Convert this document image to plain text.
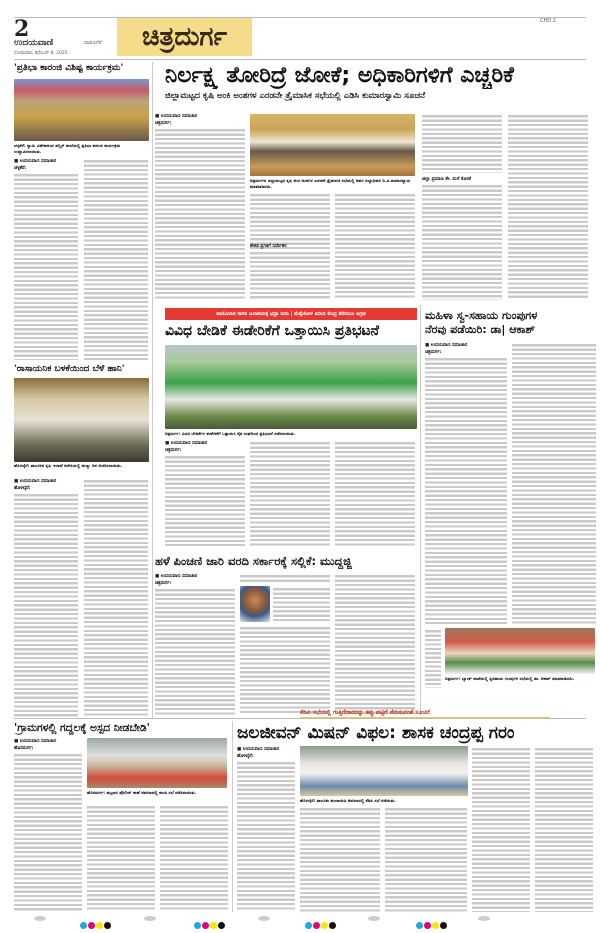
2
ಉದಯವಾಣಿ	ದಾವಣಗೆರೆ
ಸೋಮವಾರ, ಡಿಸೆಂಬರ್ 8, 2025
ಚಿತ್ರದುರ್ಗ
CHD 2
'ಪ್ರತಿಭಾ ಕಾರಂಜಿ ವಿಶಿಷ್ಟ ಕಾರ್ಯಕ್ರಮ'
ಚಳ್ಳಕೆರೆ: ಸ್ವಾಮಿ ವಿವೇಕಾನಂದ ಪಬ್ಲಿಕ್ ಶಾಲೆಯಲ್ಲಿ ಪ್ರತಿಭಾ ಕಾರಂಜಿ ಕಾರ್ಯಕ್ರಮ ಉದ್ಘಾಟಿಸಲಾಯಿತು.
■ ಉದಯವಾಣಿ ಸಮಾಚಾರ
ಚಳ್ಳಕೆರೆ:
'ರಾಸಾಯನಿಕ ಬಳಕೆಯಿಂದ ಬೆಳೆ ಹಾನಿ'
ಹೊಳಲ್ಕೆರೆ: ತಾಲೂಕಿನ ಕೃಷಿ ಇಲಾಖೆ ಕಚೇರಿಯಲ್ಲಿ ಮಣ್ಣು ದಿನ ಆಚರಿಸಲಾಯಿತು.
■ ಉದಯವಾಣಿ ಸಮಾಚಾರ
ಹೊಳಲ್ಕೆರೆ:
ನಿರ್ಲಕ್ಷ್ಯ ತೋರಿದ್ರೆ ಜೋಕೆ; ಅಧಿಕಾರಿಗಳಿಗೆ ಎಚ್ಚರಿಕೆ
ಜಿಲ್ಲಾಮಟ್ಟದ ಕೃಷಿ ಅಂಕಿ ಅಂಶಗಳ ಎರಡನೇ ತ್ರೈಮಾಸಿಕ ಸಭೆಯಲ್ಲಿ ಎಡಿಸಿ ಕುಮಾರಸ್ವಾಮಿ ಸೂಚನೆ
■ ಉದಯವಾಣಿ ಸಮಾಚಾರ
ಚಿತ್ರದುರ್ಗ:
ಚಿತ್ರದುರ್ಗದ ಜಿಲ್ಲಾಮಟ್ಟದ ಕೃಷಿ ಅಂಕಿ ಅಂಶಗಳ ಎರಡನೇ ತ್ರೈಮಾಸಿಕ ಸಭೆಯಲ್ಲಿ ಅಪರ ಜಿಲ್ಲಾಧಿಕಾರಿ ಬಿ.ಟಿ.ಕುಮಾರಸ್ವಾಮಿ ಮಾತನಾಡಿದರು.
ಶೇಕಡ ಪ್ರಗತಿಗೆ ನಿರ್ದೇಶನ
ಜಿಲ್ಲಾ ಪ್ರಮಾಣ ಶೇ. ಮಳೆ ಕೊರತೆ
ವಾಣಿವಿಲಾಸ ಸಾಗರ ಜಲಾಶಯಕ್ಕೆ ಭದ್ರಾ ನೀರು | ಮೆಕ್ಕೆಜೋಳ ಖರೀದಿ ಕೇಂದ್ರ ತೆರೆಯಲು ಆಗ್ರಹ
ವಿವಿಧ ಬೇಡಿಕೆ ಈಡೇರಿಕೆಗೆ ಒತ್ತಾಯಿಸಿ ಪ್ರತಿಭಟನೆ
ಚಿತ್ರದುರ್ಗ: ವಿವಿಧ ಬೇಡಿಕೆಗಳ ಈಡೇರಿಕೆಗೆ ಒತ್ತಾಯಿಸಿ ರೈತ ಸಂಘದಿಂದ ಪ್ರತಿಭಟನೆ ನಡೆಸಲಾಯಿತು.
■ ಉದಯವಾಣಿ ಸಮಾಚಾರ
ಚಿತ್ರದುರ್ಗ:
ಮಹಿಳಾ ಸ್ವ-ಸಹಾಯ ಗುಂಪುಗಳ
ನೆರವು ಪಡೆಯಿರಿ: ಡಾ| ಆಕಾಶ್
■ ಉದಯವಾಣಿ ಸಮಾಚಾರ
ಚಿತ್ರದುರ್ಗ:
ಚಿತ್ರದುರ್ಗ: ಬ್ಯಾಂಕ್ ಶಾಖೆಯಲ್ಲಿ ಸ್ವಸಹಾಯ ಗುಂಪುಗಳ ಸಭೆಯಲ್ಲಿ ಡಾ. ಆಕಾಶ್ ಮಾತನಾಡಿದರು.
ಹಳೆ ಪಿಂಚಣಿ ಜಾರಿ ವರದಿ ಸರ್ಕಾರಕ್ಕೆ ಸಲ್ಲಿಕೆ: ಮುದ್ದಜ್ಜಿ
■ ಉದಯವಾಣಿ ಸಮಾಚಾರ
ಚಿತ್ರದುರ್ಗ:
'ಗ್ರಾಮಗಳಲ್ಲಿ ಗದ್ದಲಕ್ಕೆ ಅಸ್ಪದ ನೀಡಬೇಡಿ'
■ ಉದಯವಾಣಿ ಸಮಾಚಾರ
ಹೊಸದುರ್ಗ:
ಹೊಸದುರ್ಗ: ಪಟ್ಟಣದ ಪೊಲೀಸ್ ಠಾಣೆ ಆವರಣದಲ್ಲಿ ಶಾಂತಿ ಸಭೆ ನಡೆಸಲಾಯಿತು.
ಕೆಡಿಪಿ ಸಭೆಯಲ್ಲಿ ಗುತ್ತಿಗೆದಾರರನ್ನು ಕಪ್ಪು ಪಟ್ಟಿಗೆ ಸೇರಿಸುವಂತೆ ಸೂಚನೆ
ಜಲಜೀವನ್ ಮಿಷನ್ ವಿಫಲ: ಶಾಸಕ ಚಂದ್ರಪ್ಪ ಗರಂ
■ ಉದಯವಾಣಿ ಸಮಾಚಾರ
ಹೊಳಲ್ಕೆರೆ:
ಹೊಳಲ್ಕೆರೆ: ತಾಲೂಕು ಪಂಚಾಯಿತಿ ಆವರಣದಲ್ಲಿ ಕೆಡಿಪಿ ಸಭೆ ನಡೆಯಿತು.
